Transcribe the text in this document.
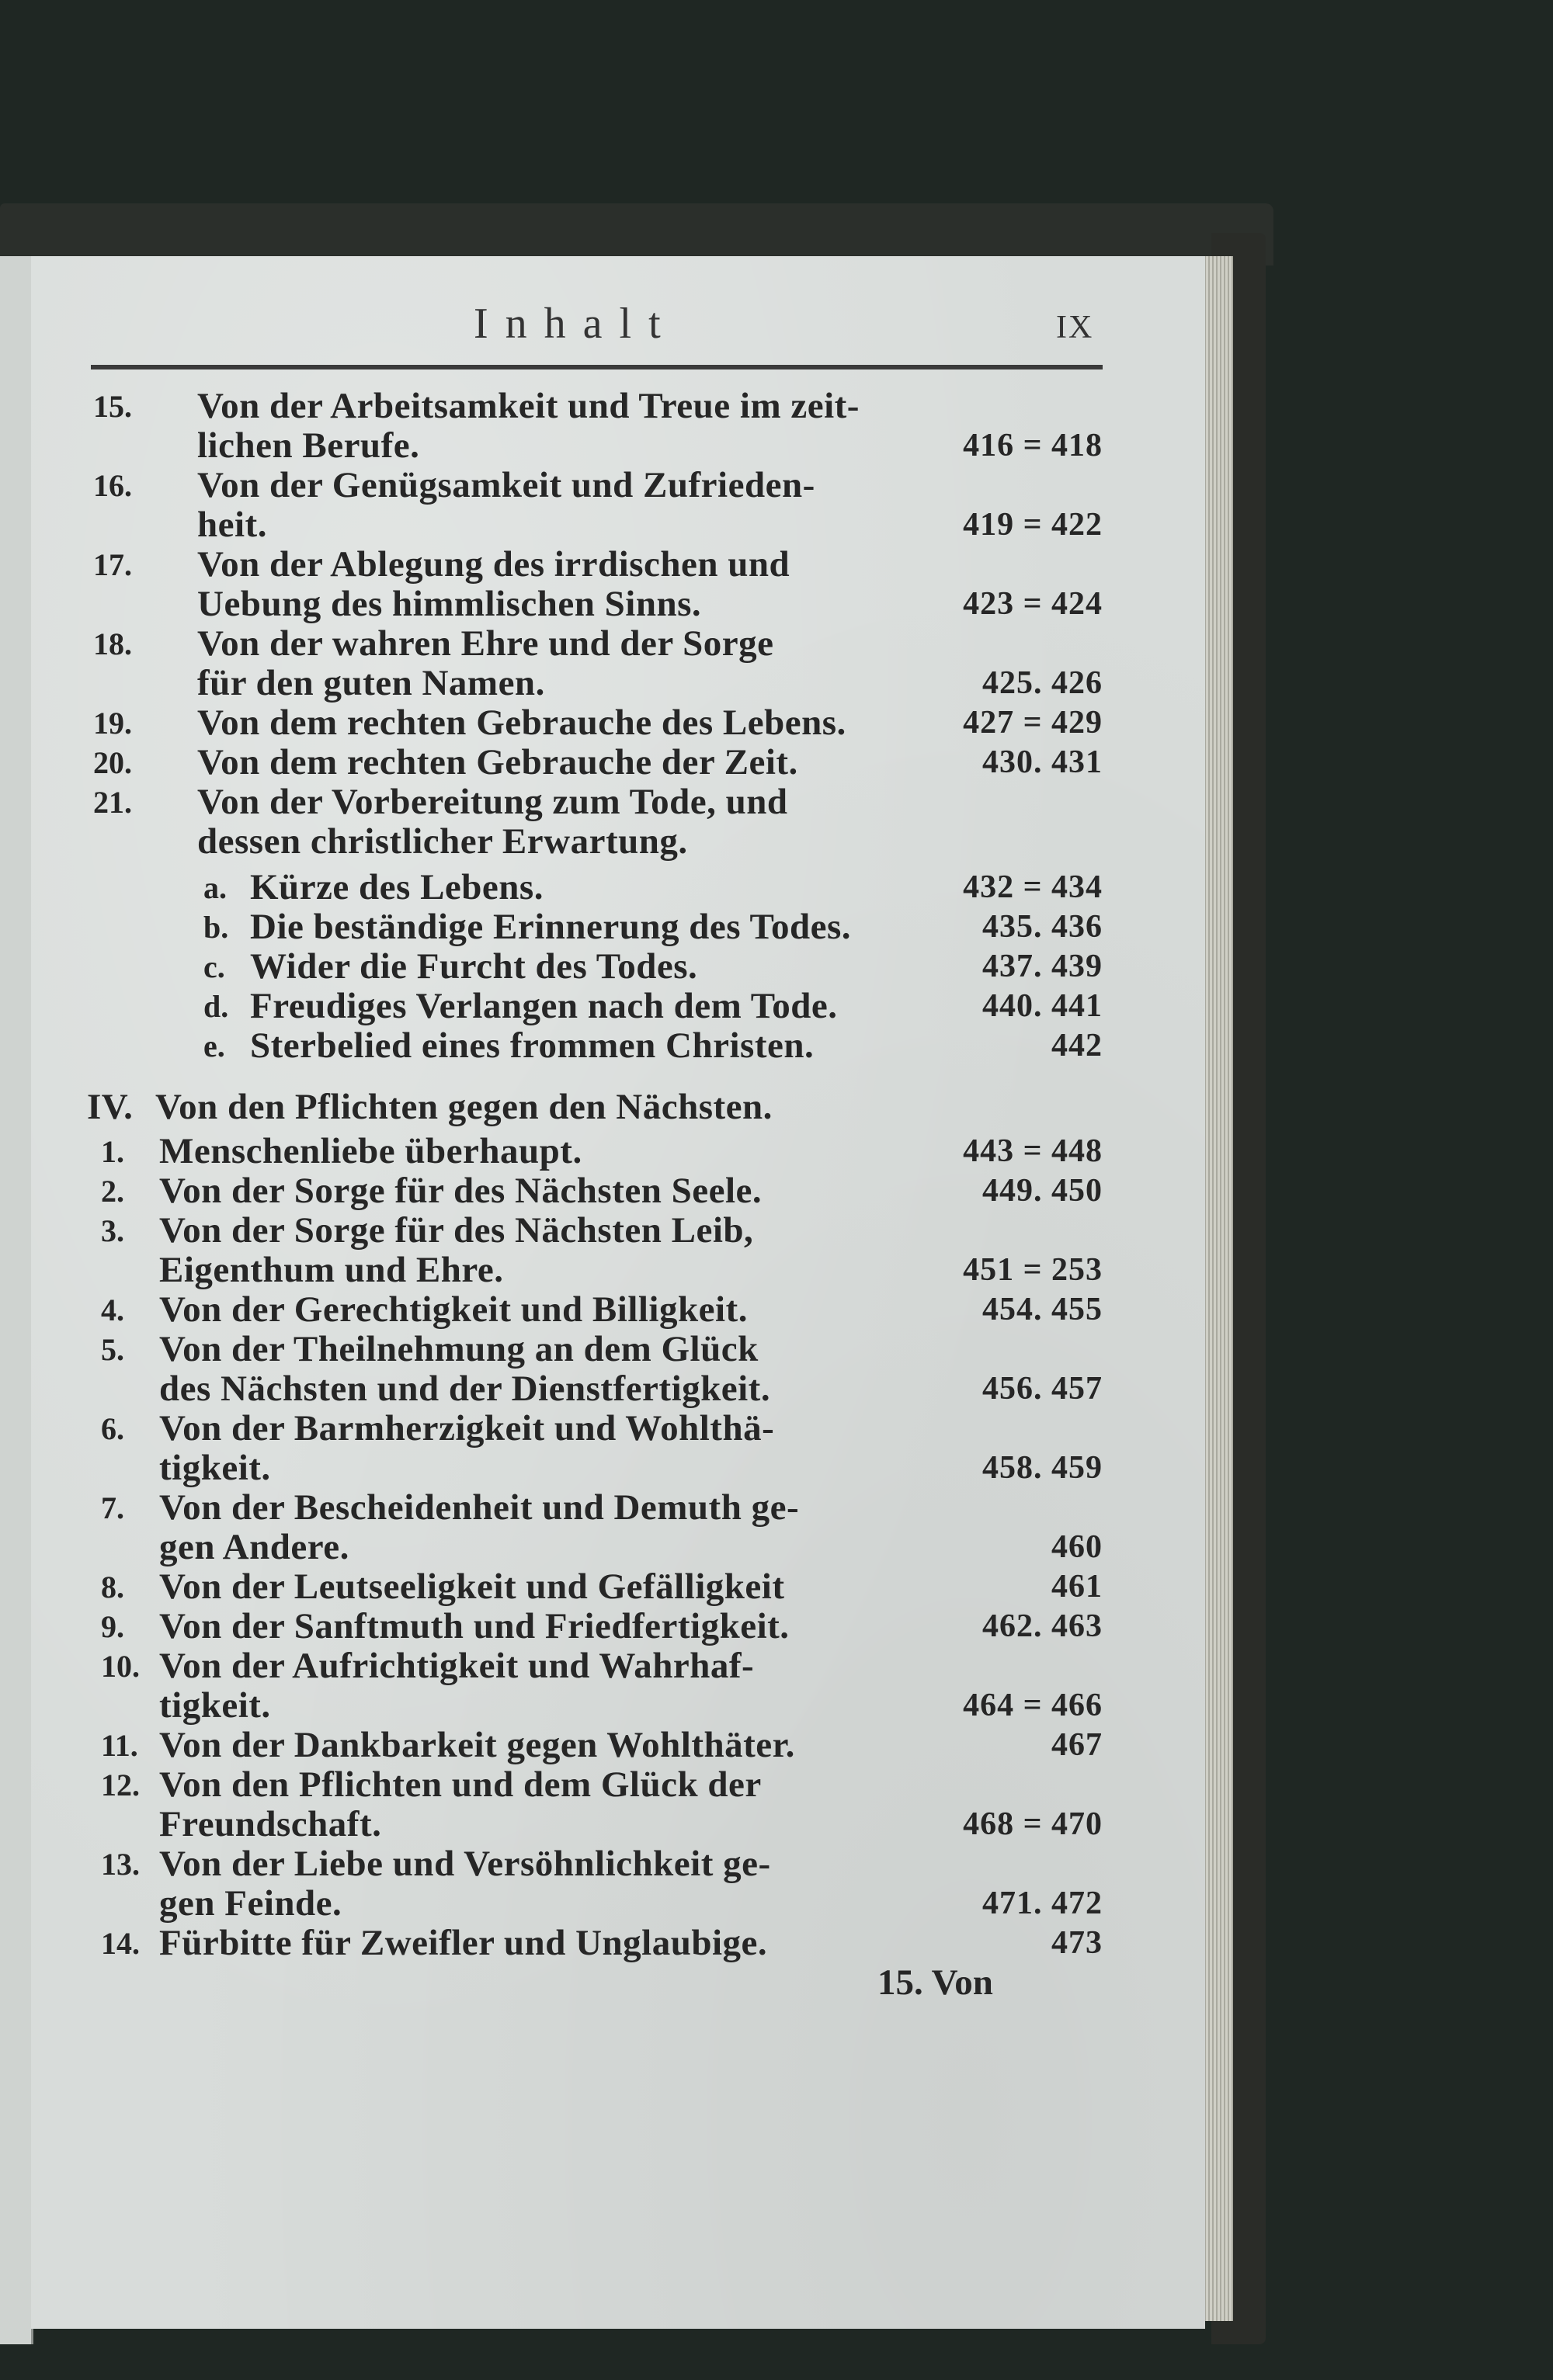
Inhalt	IX
15. Von der Arbeitsamkeit und Treue im zeit-
lichen Berufe.	416 = 418
16. Von der Genügsamkeit und Zufrieden-
heit.	419 = 422
17. Von der Ablegung des irrdischen und
Uebung des himmlischen Sinns.	423 = 424
18. Von der wahren Ehre und der Sorge
für den guten Namen.	425. 426
19. Von dem rechten Gebrauche des Lebens.	427 = 429
20. Von dem rechten Gebrauche der Zeit.	430. 431
21. Von der Vorbereitung zum Tode, und
dessen christlicher Erwartung.
a. Kürze des Lebens.	432 = 434
b. Die beständige Erinnerung des Todes.	435. 436
c. Wider die Furcht des Todes.	437. 439
d. Freudiges Verlangen nach dem Tode.	440. 441
e. Sterbelied eines frommen Christen.	442
IV. Von den Pflichten gegen den Nächsten.
1. Menschenliebe überhaupt.	443 = 448
2. Von der Sorge für des Nächsten Seele.	449. 450
3. Von der Sorge für des Nächsten Leib,
Eigenthum und Ehre.	451 = 253
4. Von der Gerechtigkeit und Billigkeit.	454. 455
5. Von der Theilnehmung an dem Glück
des Nächsten und der Dienstfertigkeit.	456. 457
6. Von der Barmherzigkeit und Wohlthä-
tigkeit.	458. 459
7. Von der Bescheidenheit und Demuth ge-
gen Andere.	460
8. Von der Leutseeligkeit und Gefälligkeit	461
9. Von der Sanftmuth und Friedfertigkeit.	462. 463
10. Von der Aufrichtigkeit und Wahrhaf-
tigkeit.	464 = 466
11. Von der Dankbarkeit gegen Wohlthäter.	467
12. Von den Pflichten und dem Glück der
Freundschaft.	468 = 470
13. Von der Liebe und Versöhnlichkeit ge-
gen Feinde.	471. 472
14. Fürbitte für Zweifler und Unglaubige.	473
15. Von
